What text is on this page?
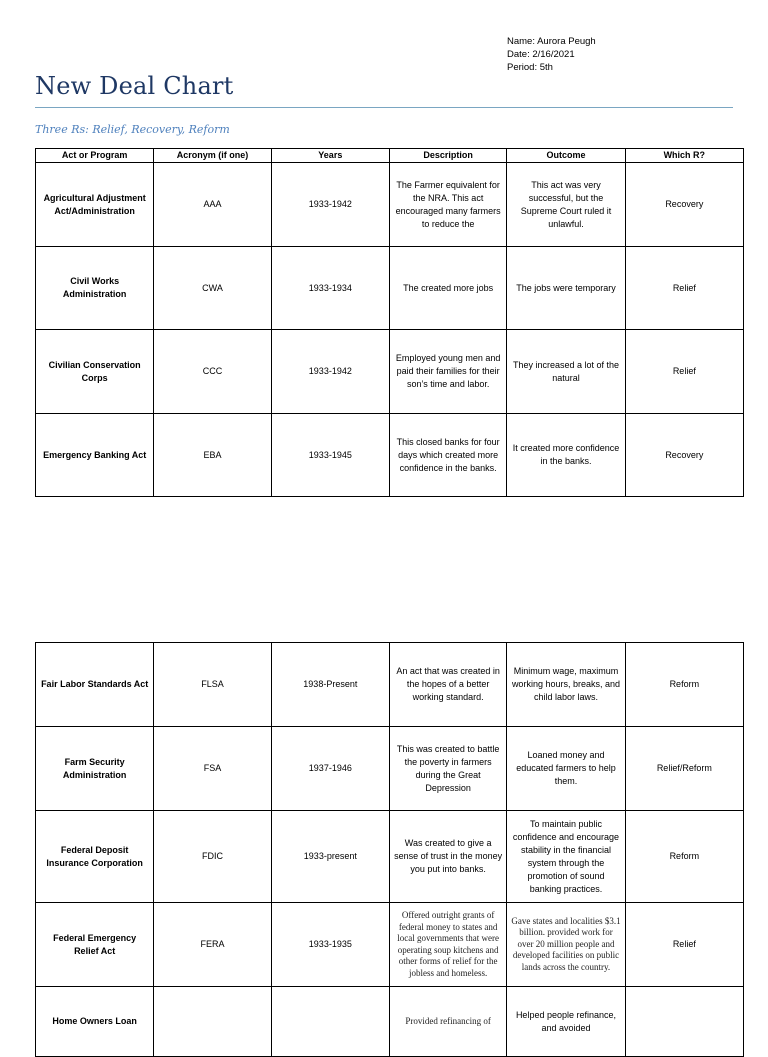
Name: Aurora Peugh
Date: 2/16/2021
Period: 5th
New Deal Chart
Three Rs: Relief, Recovery, Reform
Act or Program	Acronym (if one)	Years	Description	Outcome	Which R?
Agricultural Adjustment Act/Administration	AAA	1933-1942	The Farmer equivalent for the NRA. This act encouraged many farmers to reduce the	This act was very successful, but the Supreme Court ruled it unlawful.	Recovery
Civil Works Administration	CWA	1933-1934	The created more jobs	The jobs were temporary	Relief
Civilian Conservation Corps	CCC	1933-1942	Employed young men and paid their families for their son’s time and labor.	They increased a lot of the natural	Relief
Emergency Banking Act	EBA	1933-1945	This closed banks for four days which created more confidence in the banks.	It created more confidence in the banks.	Recovery
Fair Labor Standards Act	FLSA	1938-Present	An act that was created in the hopes of a better working standard.	Minimum wage, maximum working hours, breaks, and child labor laws.	Reform
Farm Security Administration	FSA	1937-1946	This was created to battle the poverty in farmers during the Great Depression	Loaned money and educated farmers to help them.	Relief/Reform
Federal Deposit Insurance Corporation	FDIC	1933-present	Was created to give a sense of trust in the money you put into banks.	To maintain public confidence and encourage stability in the financial system through the promotion of sound banking practices.	Reform
Federal Emergency Relief Act	FERA	1933-1935	Offered outright grants of federal money to states and local governments that were operating soup kitchens and other forms of relief for the jobless and homeless.	Gave states and localities $3.1 billion. provided work for over 20 million people and developed facilities on public lands across the country.	Relief
Home Owners Loan			Provided refinancing of	Helped people refinance, and avoided	
